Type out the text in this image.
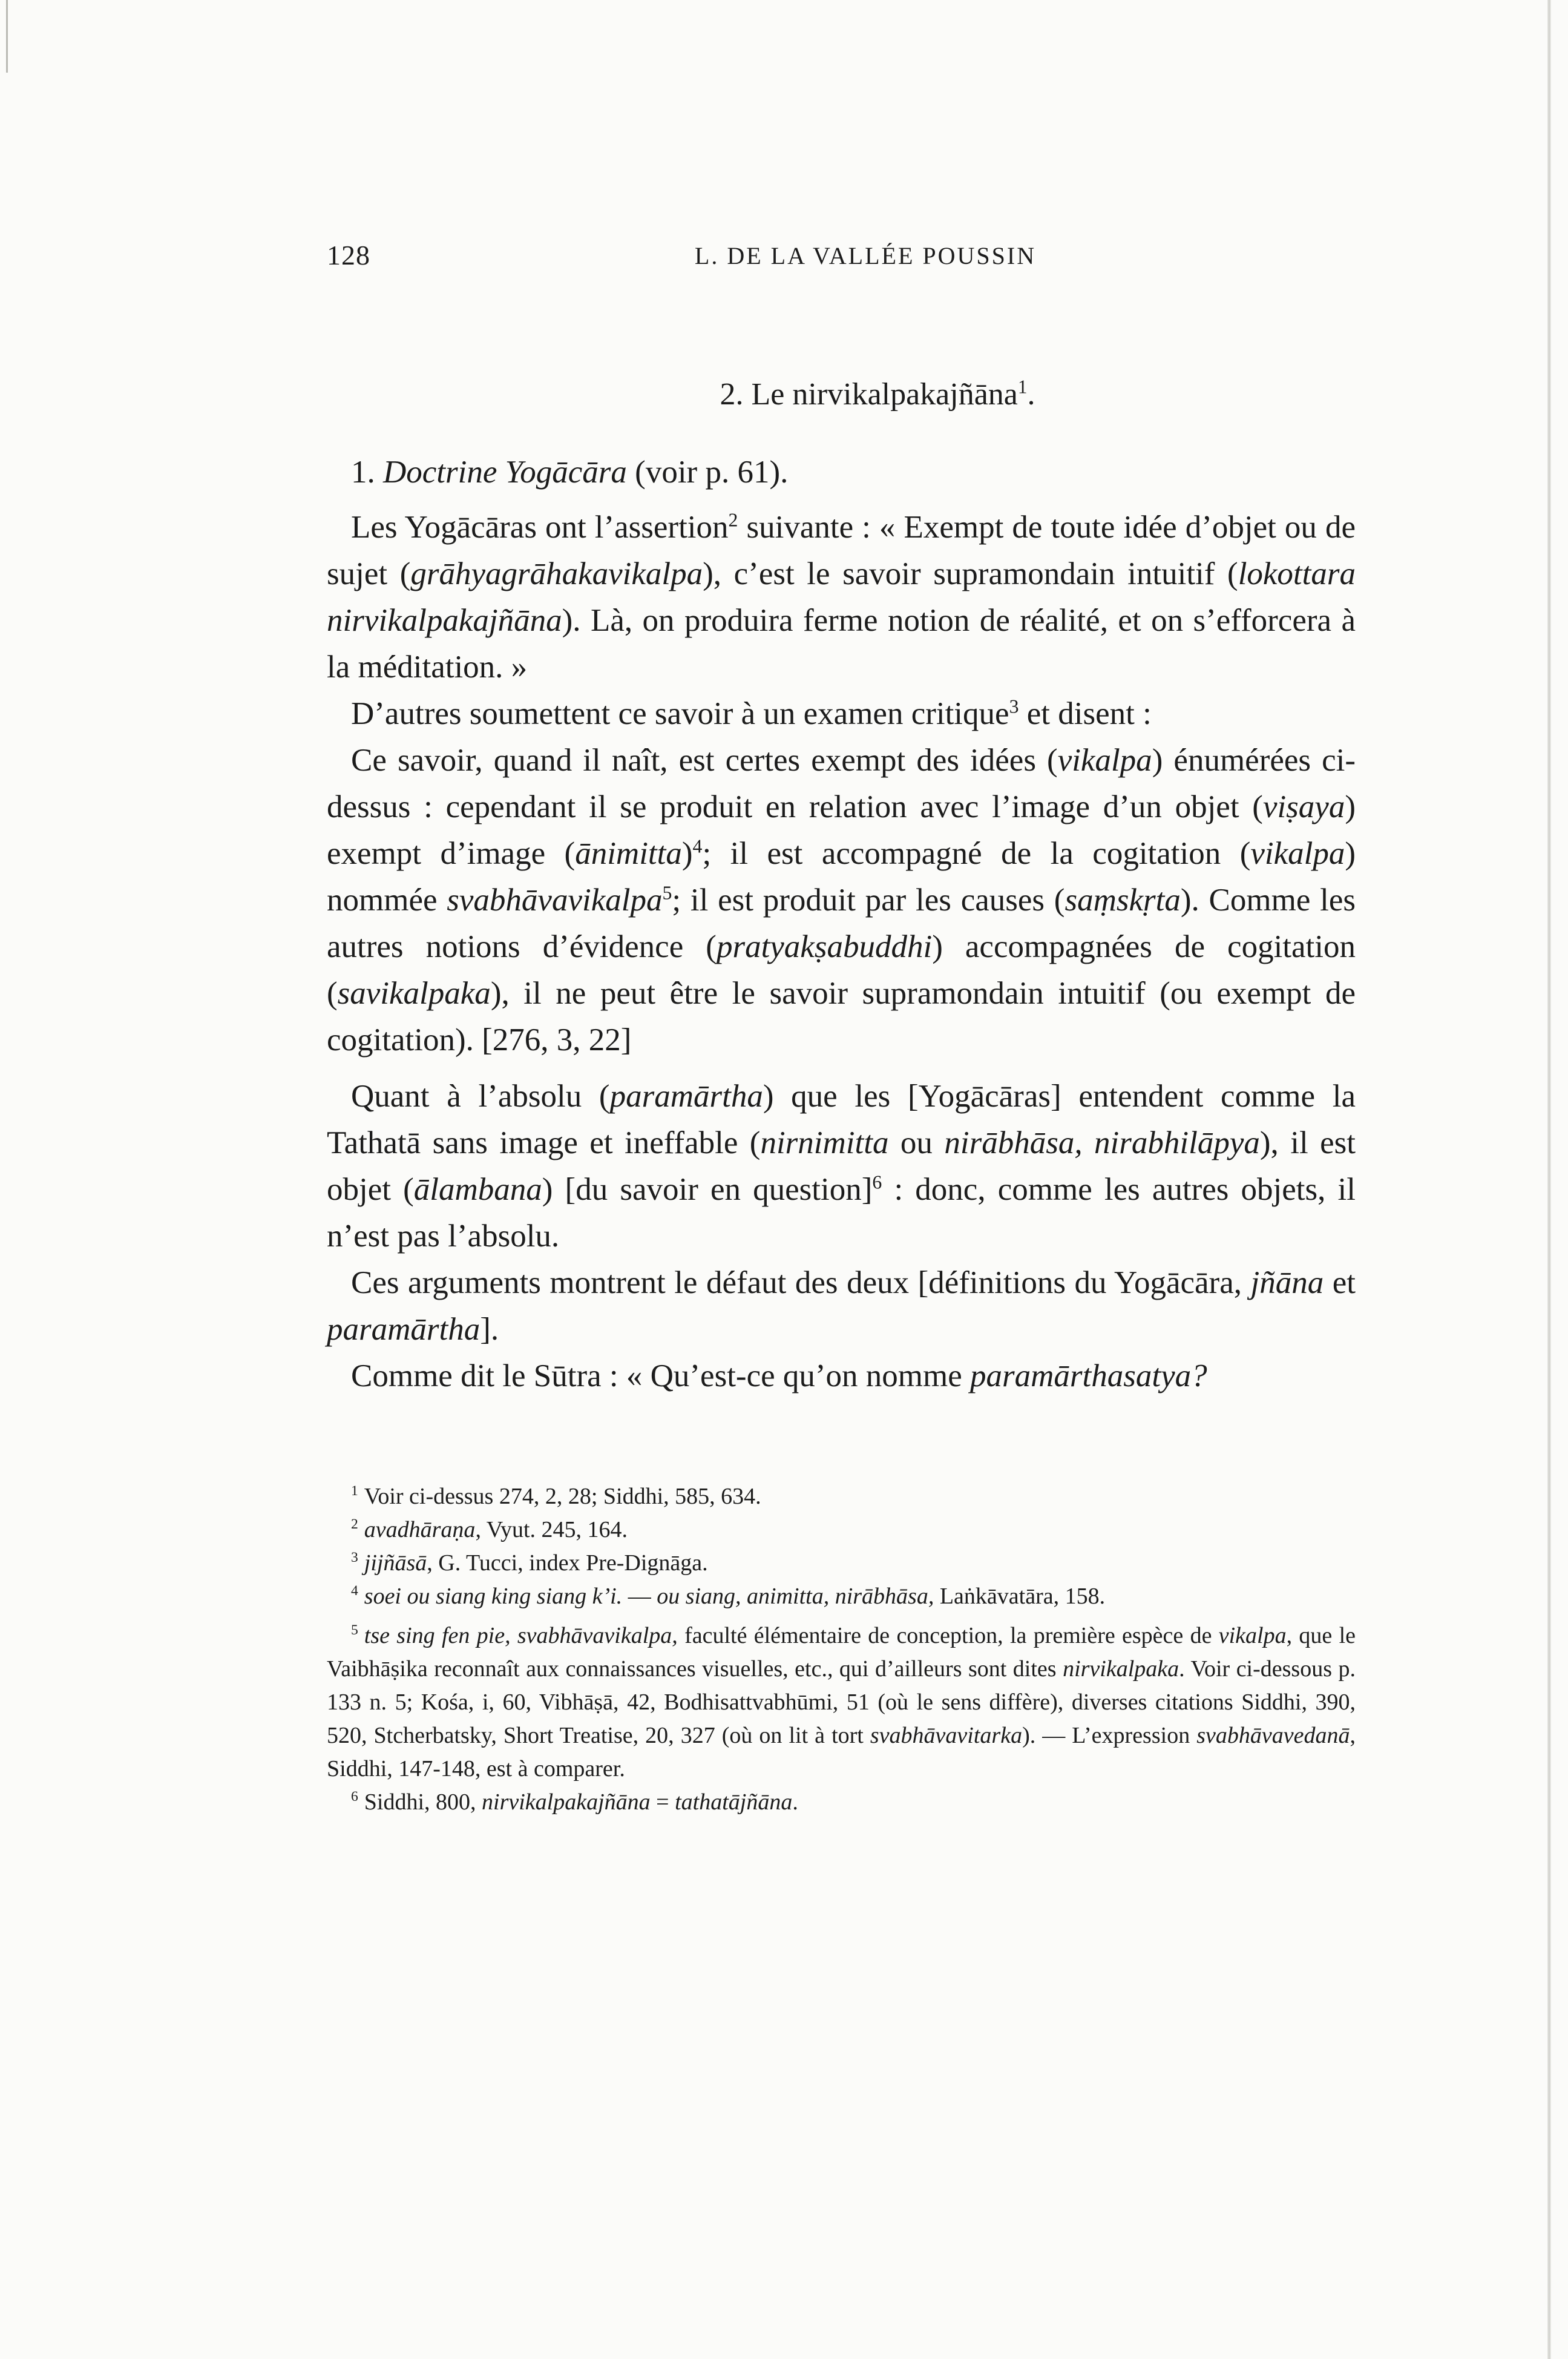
128	L. DE LA VALLÉE POUSSIN
2. Le nirvikalpakajñāna$^1$.

1. Doctrine Yogācāra (voir p. 61).

Les Yogācāras ont l’assertion$^2$ suivante : « Exempt de toute idée d’objet ou de sujet (grāhyagrāhakavikalpa), c’est le savoir supramondain intuitif (lokottara nirvikalpakajñāna). Là, on produira ferme notion de réalité, et on s’efforcera à la méditation. »

D’autres soumettent ce savoir à un examen critique$^3$ et disent :

Ce savoir, quand il naît, est certes exempt des idées (vikalpa) énumérées ci-dessus : cependant il se produit en relation avec l’image d’un objet (viṣaya) exempt d’image (ānimitta)$^4$; il est accompagné de la cogitation (vikalpa) nommée svabhāvavikalpa$^5$; il est produit par les causes (saṃskṛta). Comme les autres notions d’évidence (pratyakṣabuddhi) accompagnées de cogitation (savikalpaka), il ne peut être le savoir supramondain intuitif (ou exempt de cogitation). [276, 3, 22]

Quant à l’absolu (paramārtha) que les [Yogācāras] entendent comme la Tathatā sans image et ineffable (nirnimitta ou nirābhāsa, nirabhilāpya), il est objet (ālambana) [du savoir en question]$^6$ : donc, comme les autres objets, il n’est pas l’absolu.

Ces arguments montrent le défaut des deux [définitions du Yogācāra, jñāna et paramārtha].

Comme dit le Sūtra : « Qu’est-ce qu’on nomme paramārthasatya?

$^1$ Voir ci-dessus 274, 2, 28; Siddhi, 585, 634.

$^2$ avadhāraṇa, Vyut. 245, 164.

$^3$ jijñāsā, G. Tucci, index Pre-Dignāga.

$^4$ soei ou siang king siang k’i. — ou siang, animitta, nirābhāsa, Laṅkāvatāra, 158.

$^5$ tse sing fen pie, svabhāvavikalpa, faculté élémentaire de conception, la première espèce de vikalpa, que le Vaibhāṣika reconnaît aux connaissances visuelles, etc., qui d’ailleurs sont dites nirvikalpaka. Voir ci-dessous p. 133 n. 5; Kośa, i, 60, Vibhāṣā, 42, Bodhisattvabhūmi, 51 (où le sens diffère), diverses citations Siddhi, 390, 520, Stcherbatsky, Short Treatise, 20, 327 (où on lit à tort svabhāvavitarka). — L’expression svabhāvavedanā, Siddhi, 147-148, est à comparer.

$^6$ Siddhi, 800, nirvikalpakajñāna = tathatājñāna.
